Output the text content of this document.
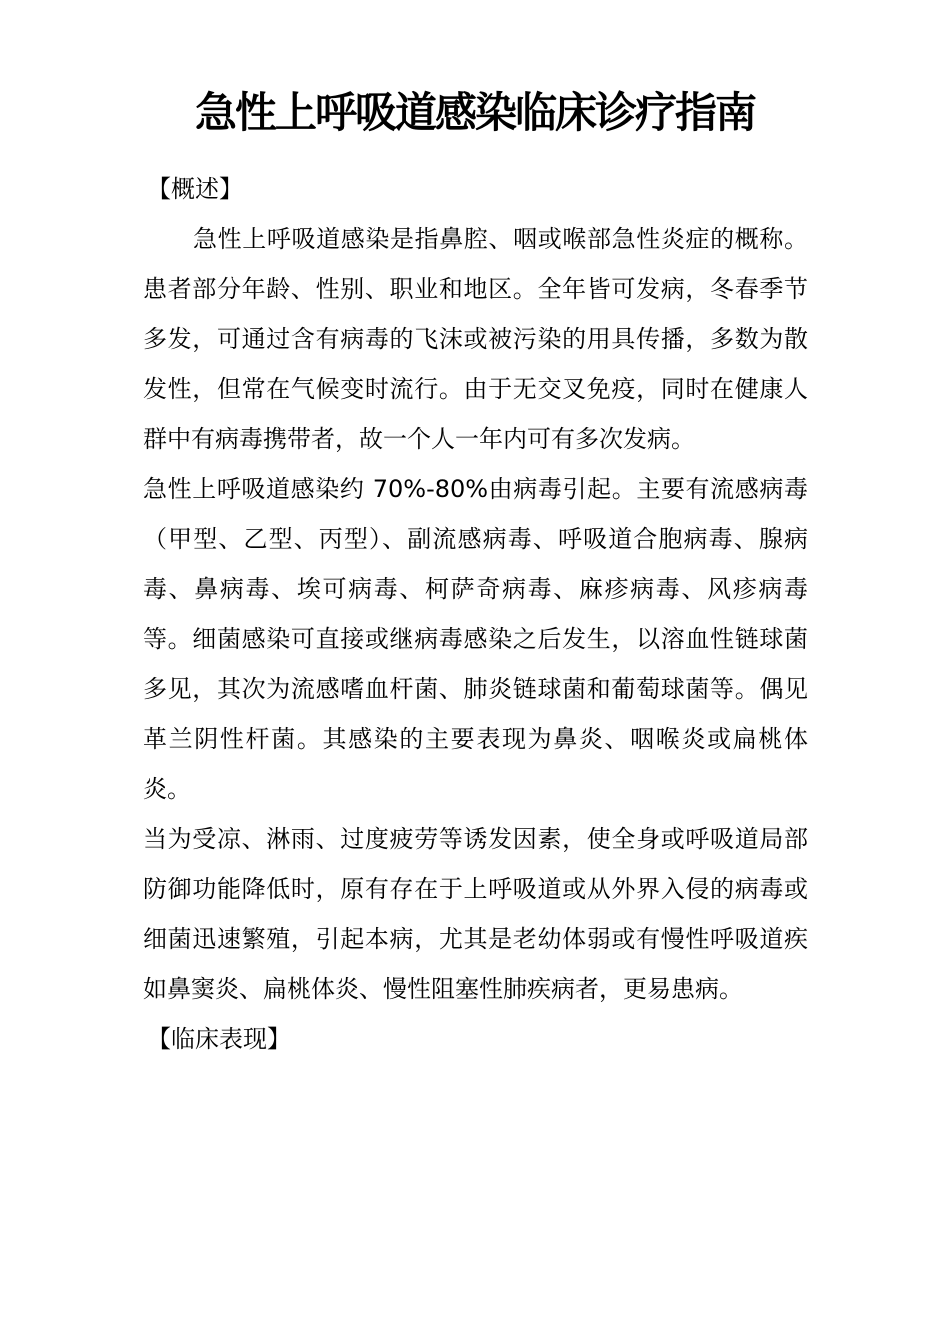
急性上呼吸道感染临床诊疗指南
【概述】

急性上呼吸道感染是指鼻腔、咽或喉部急性炎症的概称。患者部分年龄、性别、职业和地区。全年皆可发病，冬春季节多发，可通过含有病毒的飞沫或被污染的用具传播，多数为散发性，但常在气候变时流行。由于无交叉免疫，同时在健康人群中有病毒携带者，故一个人一年内可有多次发病。

急性上呼吸道感染约 70%-80%由病毒引起。主要有流感病毒（甲型、乙型、丙型）、副流感病毒、呼吸道合胞病毒、腺病毒、鼻病毒、埃可病毒、柯萨奇病毒、麻疹病毒、风疹病毒等。细菌感染可直接或继病毒感染之后发生，以溶血性链球菌多见，其次为流感嗜血杆菌、肺炎链球菌和葡萄球菌等。偶见革兰阴性杆菌。其感染的主要表现为鼻炎、咽喉炎或扁桃体炎。

当为受凉、淋雨、过度疲劳等诱发因素，使全身或呼吸道局部防御功能降低时，原有存在于上呼吸道或从外界入侵的病毒或细菌迅速繁殖，引起本病，尤其是老幼体弱或有慢性呼吸道疾如鼻窦炎、扁桃体炎、慢性阻塞性肺疾病者，更易患病。

【临床表现】
